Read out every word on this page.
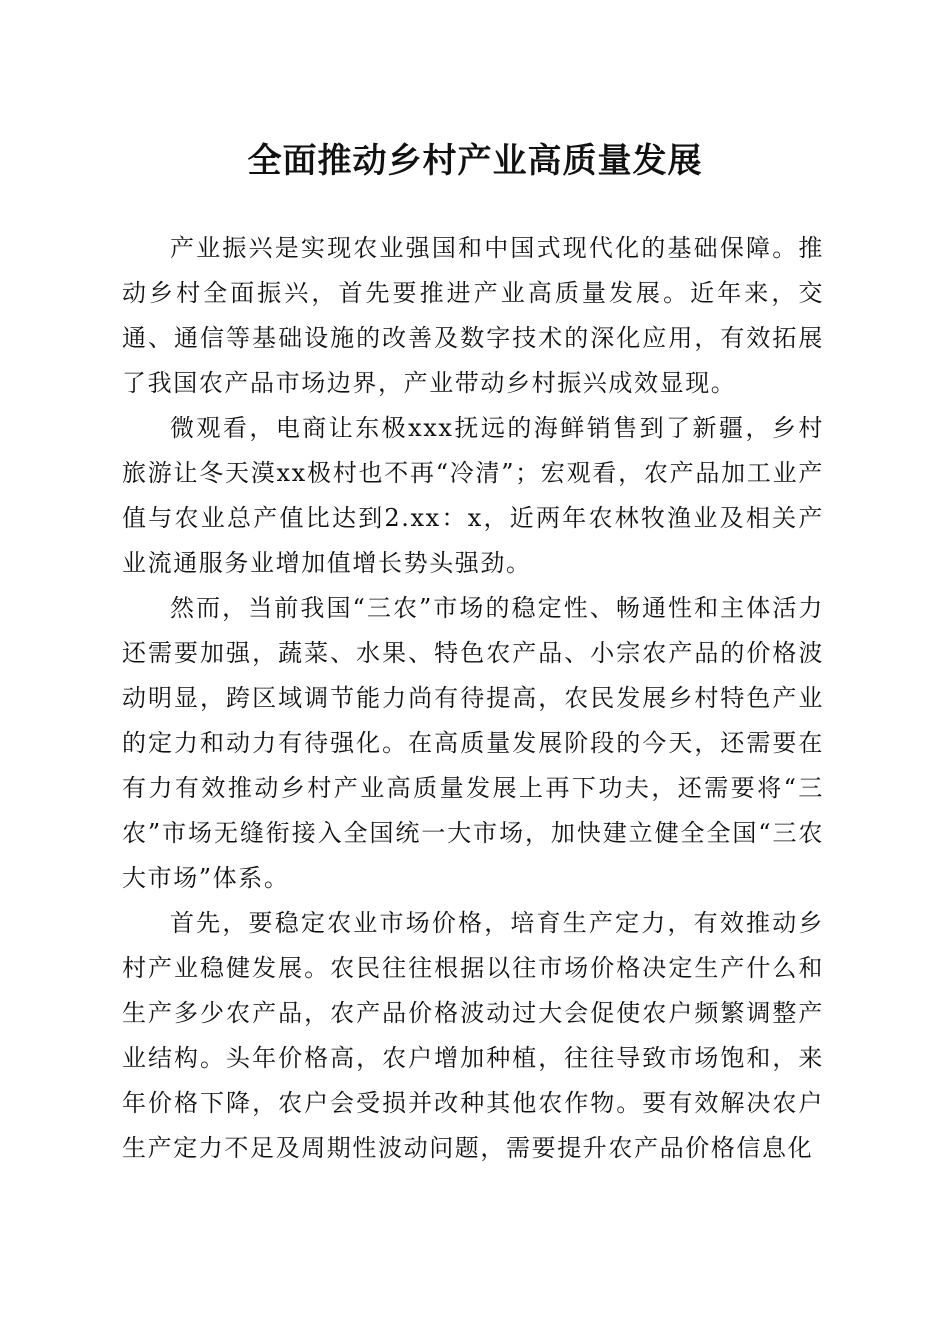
全面推动乡村产业高质量发展

产业振兴是实现农业强国和中国式现代化的基础保障。推动乡村全面振兴，首先要推进产业高质量发展。近年来，交通、通信等基础设施的改善及数字技术的深化应用，有效拓展了我国农产品市场边界，产业带动乡村振兴成效显现。

微观看，电商让东极xxx抚远的海鲜销售到了新疆，乡村旅游让冬天漠xx极村也不再“冷清”；宏观看，农产品加工业产值与农业总产值比达到2.xx：x，近两年农林牧渔业及相关产业流通服务业增加值增长势头强劲。

然而，当前我国“三农”市场的稳定性、畅通性和主体活力还需要加强，蔬菜、水果、特色农产品、小宗农产品的价格波动明显，跨区域调节能力尚有待提高，农民发展乡村特色产业的定力和动力有待强化。在高质量发展阶段的今天，还需要在有力有效推动乡村产业高质量发展上再下功夫，还需要将“三农”市场无缝衔接入全国统一大市场，加快建立健全全国“三农大市场”体系。

首先，要稳定农业市场价格，培育生产定力，有效推动乡村产业稳健发展。农民往往根据以往市场价格决定生产什么和生产多少农产品，农产品价格波动过大会促使农户频繁调整产业结构。头年价格高，农户增加种植，往往导致市场饱和，来年价格下降，农户会受损并改种其他农作物。要有效解决农户生产定力不足及周期性波动问题，需要提升农产品价格信息化
